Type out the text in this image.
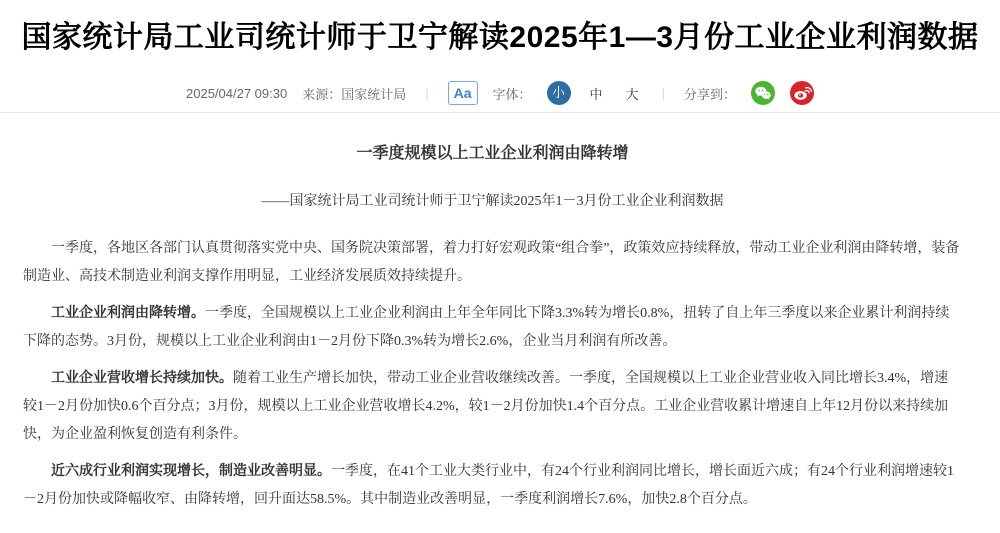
国家统计局工业司统计师于卫宁解读2025年1—3月份工业企业利润数据
2025/04/27 09:30 来源：国家统计局	|	Aa	字体：	小	中	大	|	分享到：
一季度规模以上工业企业利润由降转增

——国家统计局工业司统计师于卫宁解读2025年1－3月份工业企业利润数据

一季度，各地区各部门认真贯彻落实党中央、国务院决策部署，着力打好宏观政策“组合拳”，政策效应持续释放，带动工业企业利润由降转增，装备制造业、高技术制造业利润支撑作用明显，工业经济发展质效持续提升。

工业企业利润由降转增。一季度，全国规模以上工业企业利润由上年全年同比下降3.3%转为增长0.8%，扭转了自上年三季度以来企业累计利润持续下降的态势。3月份，规模以上工业企业利润由1－2月份下降0.3%转为增长2.6%，企业当月利润有所改善。

工业企业营收增长持续加快。随着工业生产增长加快，带动工业企业营收继续改善。一季度，全国规模以上工业企业营业收入同比增长3.4%，增速较1－2月份加快0.6个百分点；3月份，规模以上工业企业营收增长4.2%，较1－2月份加快1.4个百分点。工业企业营收累计增速自上年12月份以来持续加快，为企业盈利恢复创造有利条件。

近六成行业利润实现增长，制造业改善明显。一季度，在41个工业大类行业中，有24个行业利润同比增长，增长面近六成；有24个行业利润增速较1－2月份加快或降幅收窄、由降转增，回升面达58.5%。其中制造业改善明显，一季度利润增长7.6%，加快2.8个百分点。
